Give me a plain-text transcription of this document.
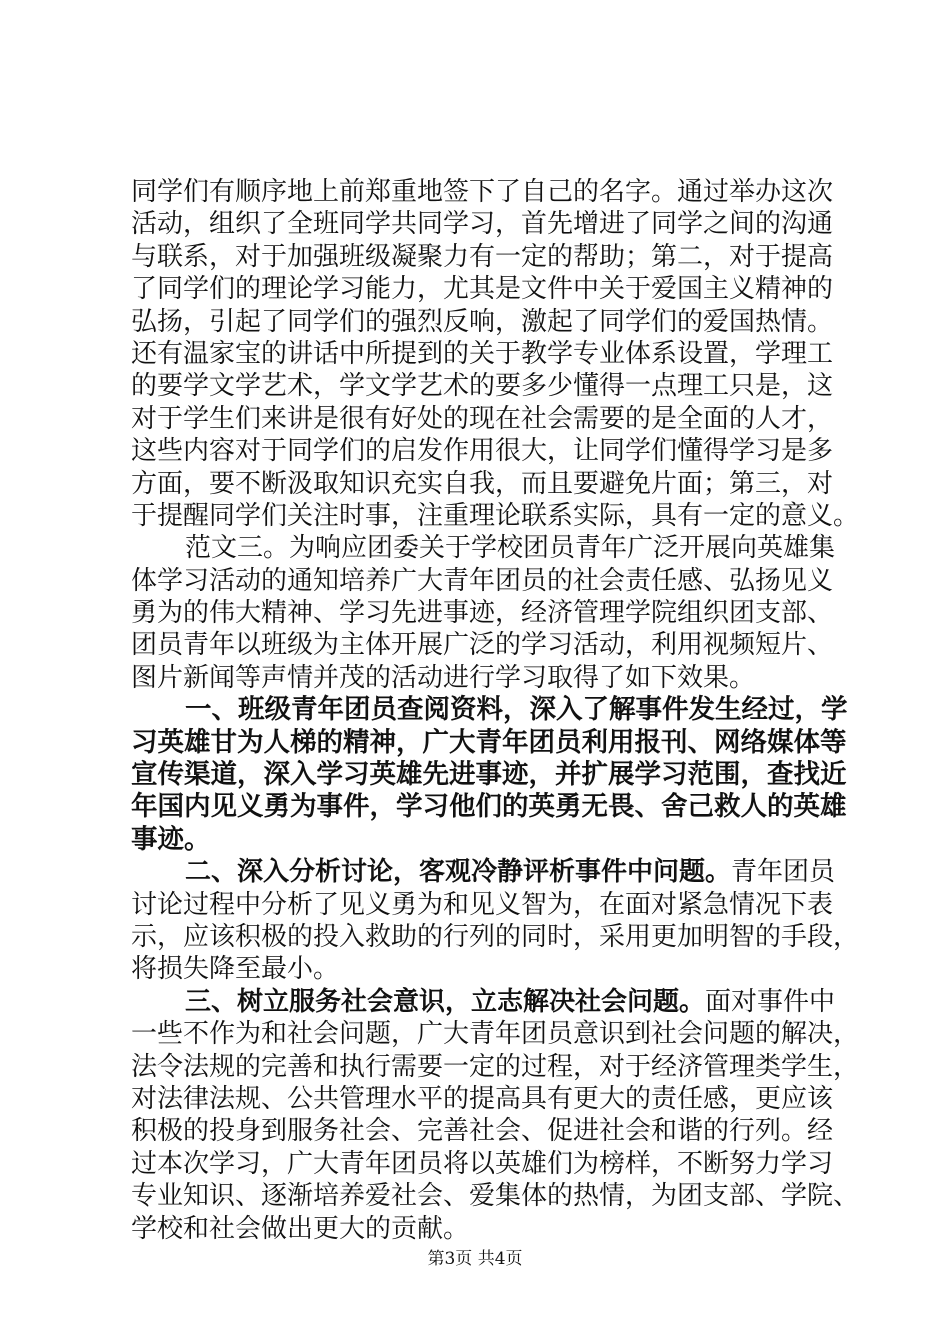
同学们有顺序地上前郑重地签下了自己的名字。通过举办这次
活动，组织了全班同学共同学习，首先增进了同学之间的沟通
与联系，对于加强班级凝聚力有一定的帮助；第二，对于提高
了同学们的理论学习能力，尤其是文件中关于爱国主义精神的
弘扬，引起了同学们的强烈反响，激起了同学们的爱国热情。
还有温家宝的讲话中所提到的关于教学专业体系设置，学理工
的要学文学艺术，学文学艺术的要多少懂得一点理工只是，这
对于学生们来讲是很有好处的现在社会需要的是全面的人才，
这些内容对于同学们的启发作用很大，让同学们懂得学习是多
方面，要不断汲取知识充实自我，而且要避免片面；第三，对
于提醒同学们关注时事，注重理论联系实际，具有一定的意义。
范文三。为响应团委关于学校团员青年广泛开展向英雄集
体学习活动的通知培养广大青年团员的社会责任感、弘扬见义
勇为的伟大精神、学习先进事迹，经济管理学院组织团支部、
团员青年以班级为主体开展广泛的学习活动，利用视频短片、
图片新闻等声情并茂的活动进行学习取得了如下效果。
一、班级青年团员查阅资料，深入了解事件发生经过，学
习英雄甘为人梯的精神，广大青年团员利用报刊、网络媒体等
宣传渠道，深入学习英雄先进事迹，并扩展学习范围，查找近
年国内见义勇为事件，学习他们的英勇无畏、舍己救人的英雄
事迹。
二、深入分析讨论，客观冷静评析事件中问题。青年团员
讨论过程中分析了见义勇为和见义智为，在面对紧急情况下表
示，应该积极的投入救助的行列的同时，采用更加明智的手段，
将损失降至最小。
三、树立服务社会意识，立志解决社会问题。面对事件中
一些不作为和社会问题，广大青年团员意识到社会问题的解决，
法令法规的完善和执行需要一定的过程，对于经济管理类学生，
对法律法规、公共管理水平的提高具有更大的责任感，更应该
积极的投身到服务社会、完善社会、促进社会和谐的行列。经
过本次学习，广大青年团员将以英雄们为榜样，不断努力学习
专业知识、逐渐培养爱社会、爱集体的热情，为团支部、学院、
学校和社会做出更大的贡献。
第3页 共4页
